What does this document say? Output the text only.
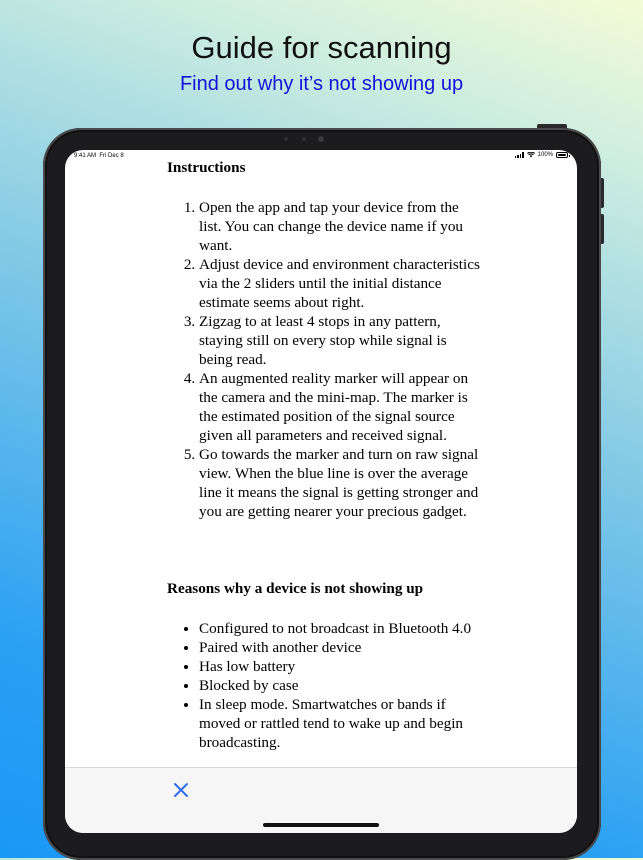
Guide for scanning
Find out why it’s not showing up
9:41 AM Fri Dec 8	100%
Instructions
1. Open the app and tap your device from the list. You can change the device name if you want.
2. Adjust device and environment characteristics via the 2 sliders until the initial distance estimate seems about right.
3. Zigzag to at least 4 stops in any pattern, staying still on every stop while signal is being read.
4. An augmented reality marker will appear on the camera and the mini-map. The marker is the estimated position of the signal source given all parameters and received signal.
5. Go towards the marker and turn on raw signal view. When the blue line is over the average line it means the signal is getting stronger and you are getting nearer your precious gadget.
Reasons why a device is not showing up
• Configured to not broadcast in Bluetooth 4.0
• Paired with another device
• Has low battery
• Blocked by case
• In sleep mode. Smartwatches or bands if moved or rattled tend to wake up and begin broadcasting.
